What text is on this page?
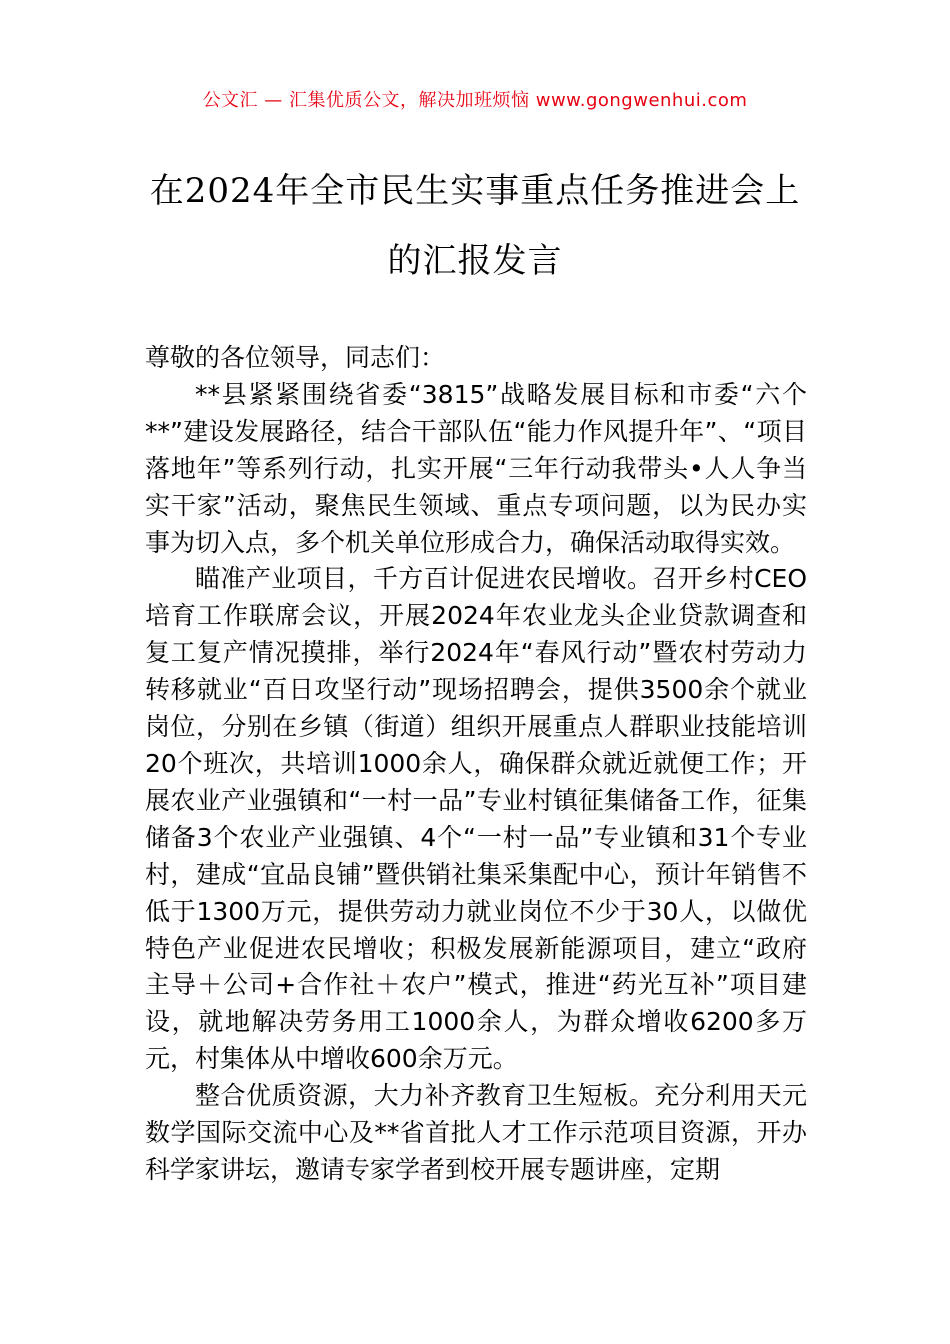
公文汇 — 汇集优质公文，解决加班烦恼 www.gongwenhui.com
在2024年全市民生实事重点任务推进会上的汇报发言

尊敬的各位领导，同志们：

**县紧紧围绕省委“3815”战略发展目标和市委“六个**”建设发展路径，结合干部队伍“能力作风提升年”、“项目落地年”等系列行动，扎实开展“三年行动我带头•人人争当实干家”活动，聚焦民生领域、重点专项问题，以为民办实事为切入点，多个机关单位形成合力，确保活动取得实效。

瞄准产业项目，千方百计促进农民增收。召开乡村CEO培育工作联席会议，开展2024年农业龙头企业贷款调查和复工复产情况摸排，举行2024年“春风行动”暨农村劳动力转移就业“百日攻坚行动”现场招聘会，提供3500余个就业岗位，分别在乡镇（街道）组织开展重点人群职业技能培训20个班次，共培训1000余人，确保群众就近就便工作；开展农业产业强镇和“一村一品”专业村镇征集储备工作，征集储备3个农业产业强镇、4个“一村一品”专业镇和31个专业村，建成“宜品良铺”暨供销社集采集配中心，预计年销售不低于1300万元，提供劳动力就业岗位不少于30人，以做优特色产业促进农民增收；积极发展新能源项目，建立“政府主导＋公司+合作社＋农户”模式，推进“药光互补”项目建设，就地解决劳务用工1000余人，为群众增收6200多万元，村集体从中增收600余万元。

整合优质资源，大力补齐教育卫生短板。充分利用天元数学国际交流中心及**省首批人才工作示范项目资源，开办科学家讲坛，邀请专家学者到校开展专题讲座，定期
